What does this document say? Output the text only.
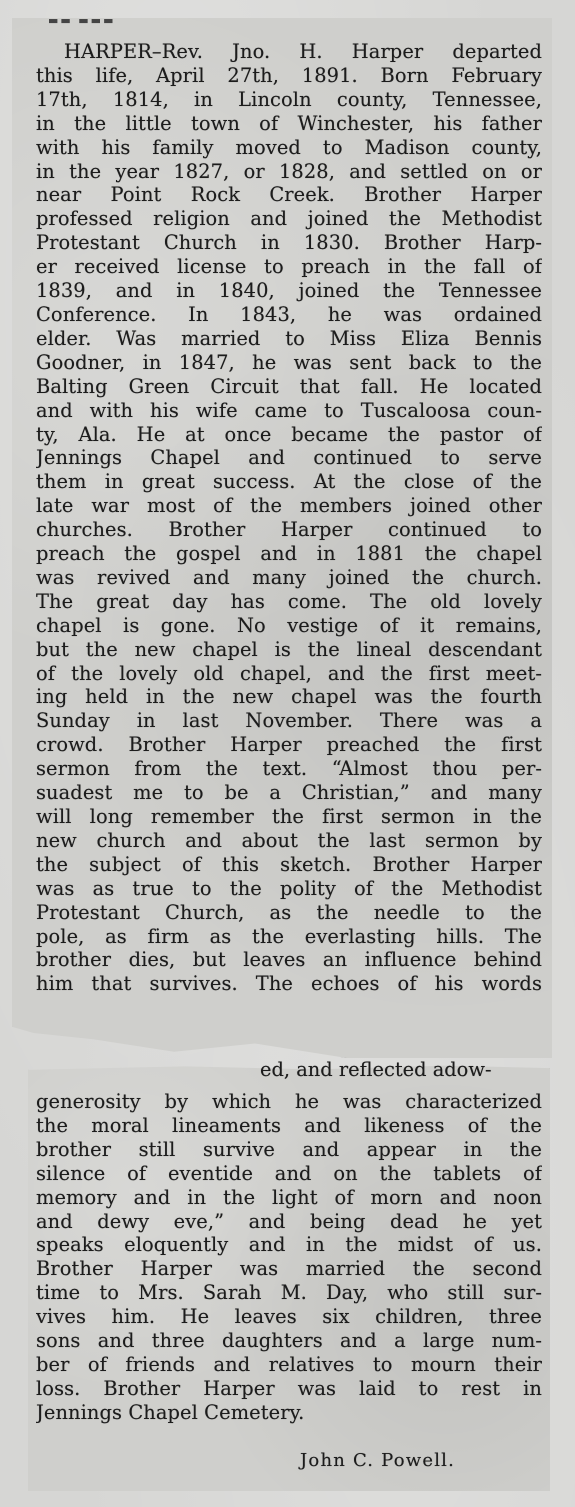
▬▬ ▬▬▬
HARPER–Rev. Jno. H. Harper departed
this life, April 27th, 1891. Born February
17th, 1814, in Lincoln county, Tennessee,
in the little town of Winchester, his father
with his family moved to Madison county,
in the year 1827, or 1828, and settled on or
near Point Rock Creek. Brother Harper
professed religion and joined the Methodist
Protestant Church in 1830. Brother Harp-
er received license to preach in the fall of
1839, and in 1840, joined the Tennessee
Conference. In 1843, he was ordained
elder. Was married to Miss Eliza Bennis
Goodner, in 1847, he was sent back to the
Balting Green Circuit that fall. He located
and with his wife came to Tuscaloosa coun-
ty, Ala. He at once became the pastor of
Jennings Chapel and continued to serve
them in great success. At the close of the
late war most of the members joined other
churches. Brother Harper continued to
preach the gospel and in 1881 the chapel
was revived and many joined the church.
The great day has come. The old lovely
chapel is gone. No vestige of it remains,
but the new chapel is the lineal descendant
of the lovely old chapel, and the first meet-
ing held in the new chapel was the fourth
Sunday in last November. There was a
crowd. Brother Harper preached the first
sermon from the text. “Almost thou per-
suadest me to be a Christian,” and many
will long remember the first sermon in the
new church and about the last sermon by
the subject of this sketch. Brother Harper
was as true to the polity of the Methodist
Protestant Church, as the needle to the
pole, as firm as the everlasting hills. The
brother dies, but leaves an influence behind
him that survives. The echoes of his words
ed, and reflected adow-
generosity by which he was characterized
the moral lineaments and likeness of the
brother still survive and appear in the
silence of eventide and on the tablets of
memory and in the light of morn and noon
and dewy eve,” and being dead he yet
speaks eloquently and in the midst of us.
Brother Harper was married the second
time to Mrs. Sarah M. Day, who still sur-
vives him. He leaves six children, three
sons and three daughters and a large num-
ber of friends and relatives to mourn their
loss. Brother Harper was laid to rest in
Jennings Chapel Cemetery.
John C. Powell.
